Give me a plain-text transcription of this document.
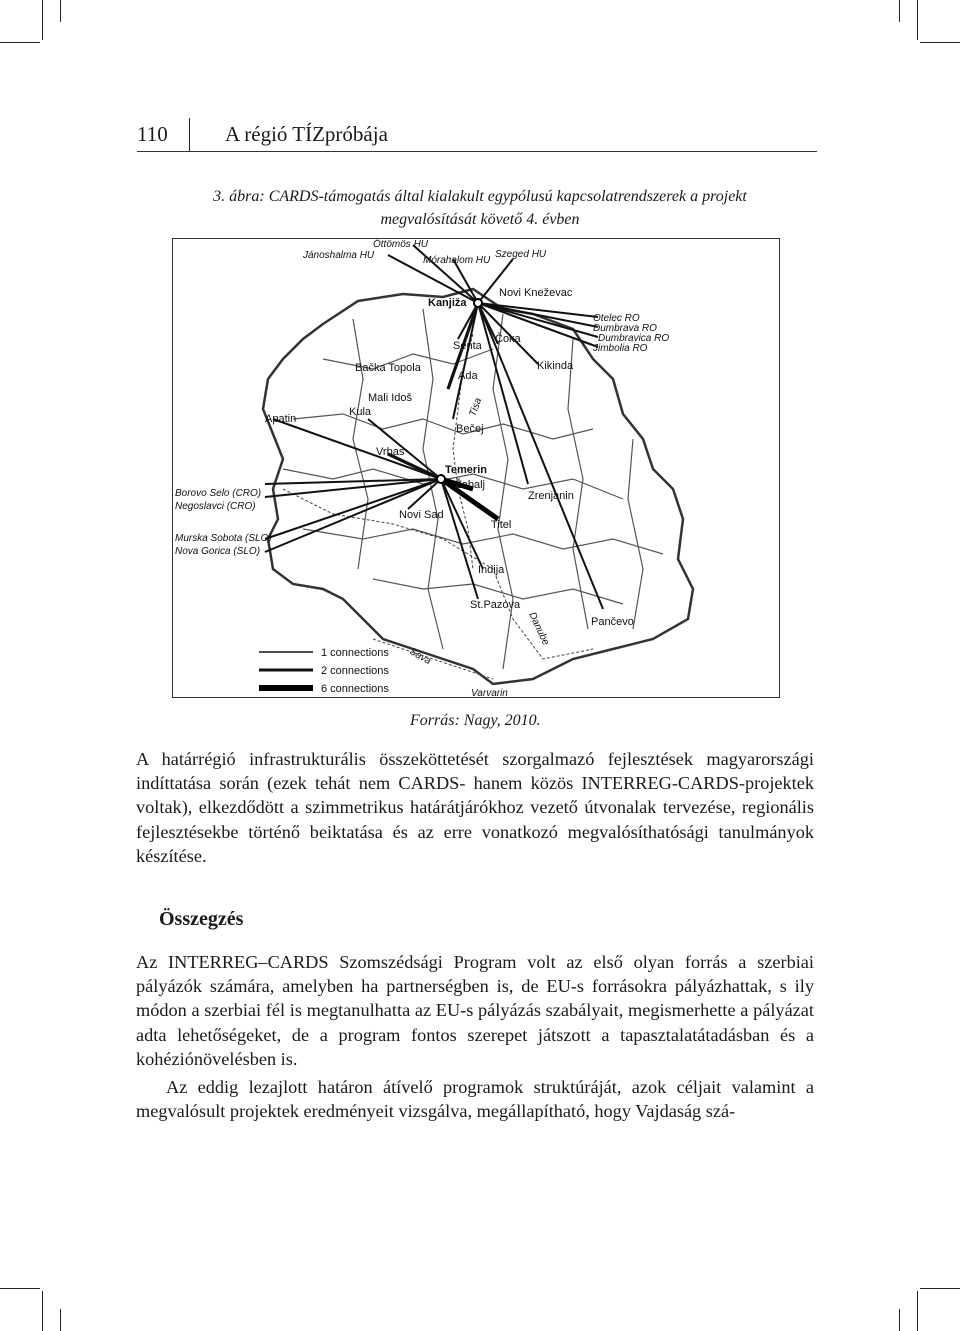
110	A régió TÍZpróbája
3. ábra: CARDS-támogatás által kialakult egypólusú kapcsolatrendszerek a projekt
megvalósítását követő 4. évben
Öttömös HU
Jánoshalma HU	Mórahalom HU
Szeged HU
Kanjiža
Novi Kneževac
Otelec RO
Dumbrava RO
Dumbravica RO
Jimbolia RO
Senta
Čoka
Bačka Topola
Ada
Kikinda
Mali Idoš
Kula
Apatin
Bečej
Tisa
Vrbas
Temerin
Žabalj
Zrenjanin
Borovo Selo (CRO)
Negoslavci (CRO)
Murska Sobota (SLO)
Nova Gorica (SLO)
Novi Sad
Titel
Indija
St.Pazova
Danube	Pančevo
Sava
Varvarin
1 connections
2 connections
6 connections
Forrás: Nagy, 2010.

A határrégió infrastrukturális összeköttetését szorgalmazó fejlesztések magyarországi indíttatása során (ezek tehát nem CARDS- hanem közös INTERREG-CARDS-projektek voltak), elkezdődött a szimmetrikus határátjárókhoz vezető útvonalak tervezése, regionális fejlesztésekbe történő beiktatása és az erre vonatkozó megvalósíthatósági tanulmányok készítése.

Összegzés

Az INTERREG–CARDS Szomszédsági Program volt az első olyan forrás a szerbiai pályázók számára, amelyben ha partnerségben is, de EU-s forrásokra pályázhattak, s ily módon a szerbiai fél is megtanulhatta az EU-s pályázás szabályait, megismerhette a pályázat adta lehetőségeket, de a program fontos szerepet játszott a tapasztalatátadásban és a kohéziónövelésben is.

Az eddig lezajlott határon átívelő programok struktúráját, azok céljait valamint a megvalósult projektek eredményeit vizsgálva, megállapítható, hogy Vajdaság szá-
